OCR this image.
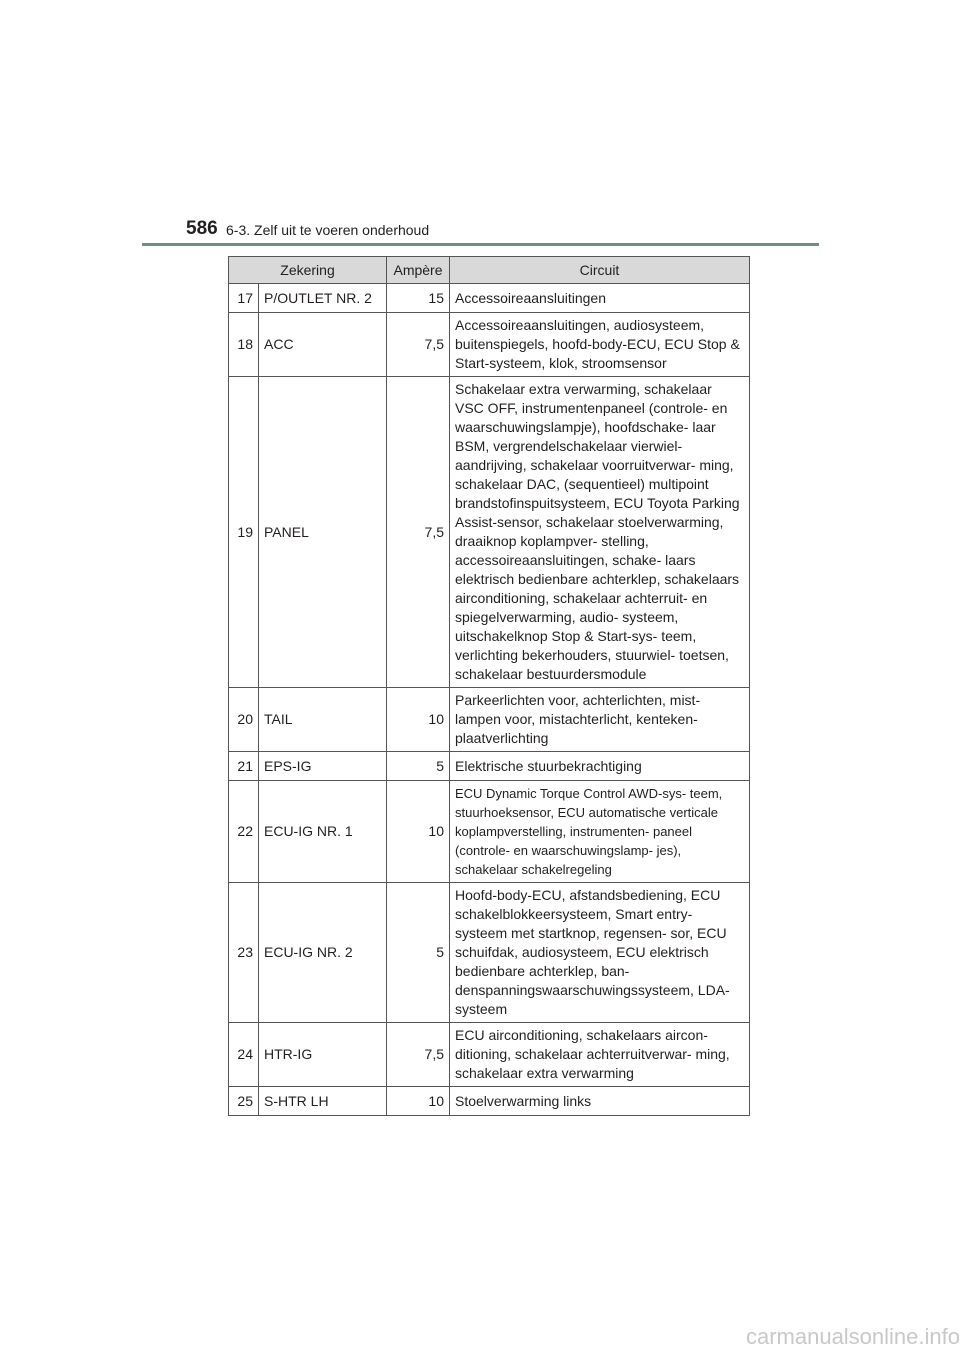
586 6-3. Zelf uit te voeren onderhoud
Zekering		Ampère	Circuit
17	P/OUTLET NR. 2	15	Accessoireaansluitingen
18	ACC	7,5	Accessoireaansluitingen, audiosysteem, buitenspiegels, hoofd-body-ECU, ECU Stop & Start-systeem, klok, stroomsensor
19	PANEL	7,5	Schakelaar extra verwarming, schakelaar VSC OFF, instrumentenpaneel (controle- en waarschuwingslampje), hoofdschake- laar BSM, vergrendelschakelaar vierwiel- aandrijving, schakelaar voorruitverwar- ming, schakelaar DAC, (sequentieel) multipoint brandstofinspuitsysteem, ECU Toyota Parking Assist-sensor, schakelaar stoelverwarming, draaiknop koplampver- stelling, accessoireaansluitingen, schake- laars elektrisch bedienbare achterklep, schakelaars airconditioning, schakelaar achterruit- en spiegelverwarming, audio- systeem, uitschakelknop Stop & Start-sys- teem, verlichting bekerhouders, stuurwiel- toetsen, schakelaar bestuurdersmodule
20	TAIL	10	Parkeerlichten voor, achterlichten, mist- lampen voor, mistachterlicht, kenteken- plaatverlichting
21	EPS-IG	5	Elektrische stuurbekrachtiging
22	ECU-IG NR. 1	10	ECU Dynamic Torque Control AWD-sys- teem, stuurhoeksensor, ECU automatische verticale koplampverstelling, instrumenten- paneel (controle- en waarschuwingslamp- jes), schakelaar schakelregeling
23	ECU-IG NR. 2	5	Hoofd-body-ECU, afstandsbediening, ECU schakelblokkeersysteem, Smart entry-systeem met startknop, regensen- sor, ECU schuifdak, audiosysteem, ECU elektrisch bedienbare achterklep, ban- denspanningswaarschuwingssysteem, LDA-systeem
24	HTR-IG	7,5	ECU airconditioning, schakelaars aircon- ditioning, schakelaar achterruitverwar- ming, schakelaar extra verwarming
25	S-HTR LH	10	Stoelverwarming links
carmanualsonline.info
